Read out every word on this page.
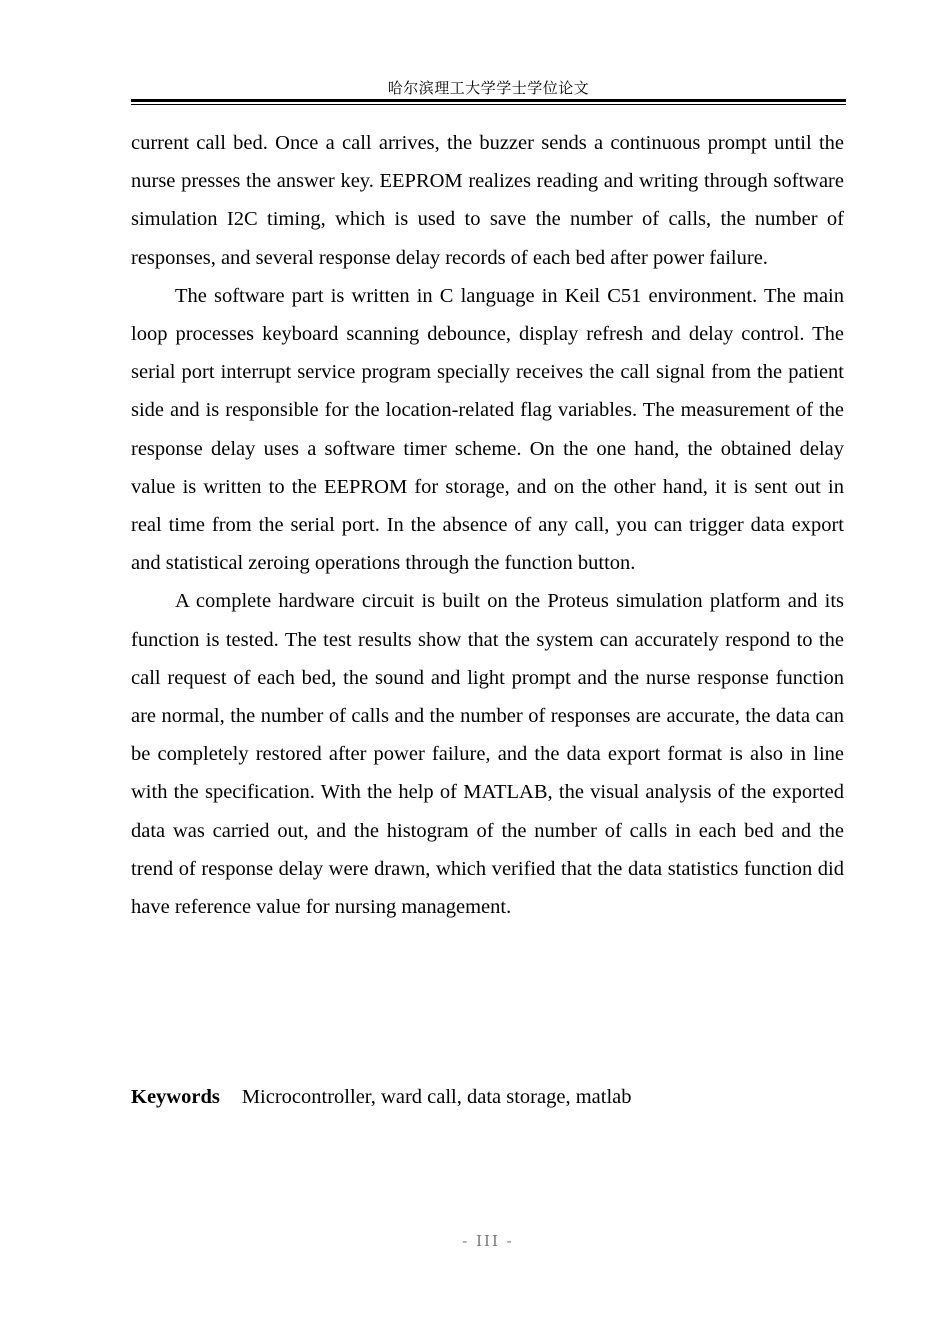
哈尔滨理工大学学士学位论文

current call bed. Once a call arrives, the buzzer sends a continuous prompt until the nurse presses the answer key. EEPROM realizes reading and writing through software simulation I2C timing, which is used to save the number of calls, the number of responses, and several response delay records of each bed after power failure.

The software part is written in C language in Keil C51 environment. The main loop processes keyboard scanning debounce, display refresh and delay control. The serial port interrupt service program specially receives the call signal from the patient side and is responsible for the location-related flag variables. The measurement of the response delay uses a software timer scheme. On the one hand, the obtained delay value is written to the EEPROM for storage, and on the other hand, it is sent out in real time from the serial port. In the absence of any call, you can trigger data export and statistical zeroing operations through the function button.

A complete hardware circuit is built on the Proteus simulation platform and its function is tested. The test results show that the system can accurately respond to the call request of each bed, the sound and light prompt and the nurse response function are normal, the number of calls and the number of responses are accurate, the data can be completely restored after power failure, and the data export format is also in line with the specification. With the help of MATLAB, the visual analysis of the exported data was carried out, and the histogram of the number of calls in each bed and the trend of response delay were drawn, which verified that the data statistics function did have reference value for nursing management.

Keywords Microcontroller, ward call, data storage, matlab
- III -
